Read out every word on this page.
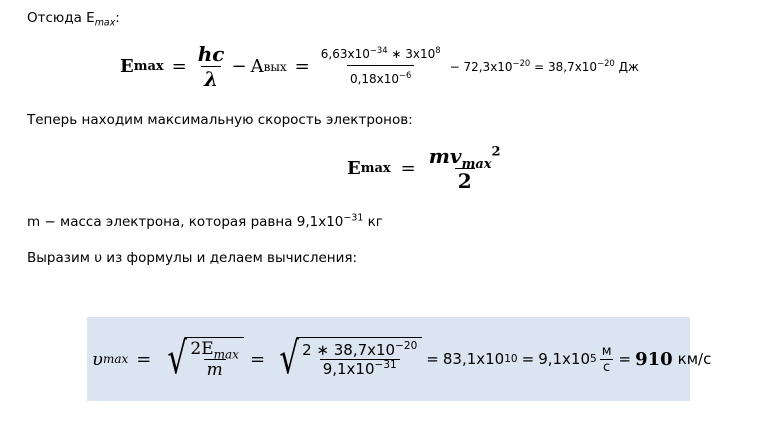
Отсюда $E_{max}$:
E $\max = \frac{hc}{\lambda} - A$ вых = $\frac{6,63x10^{-34} ∗ 3x10^8}{0,18x10^{-6}} - 72,3x10^{-20} = 38,7x10^{-20}$ Дж
Теперь находим максимальную скорость электронов:
E $\max = \frac{mv_{max}^2}{2}$
m − масса электрона, которая равна $9,1x10^{-31}$ кг
Выразим υ из формулы и делаем вычисления:
υ max = √ $\frac{2E_{max}}{m}$ = √ $\frac{2 ∗ 38,7x10^{-20}}{9,1x10^{-31}} = 83,1x10$ 10 = 9,1x10 $5 \frac{м}{с} = 910$ км/с
